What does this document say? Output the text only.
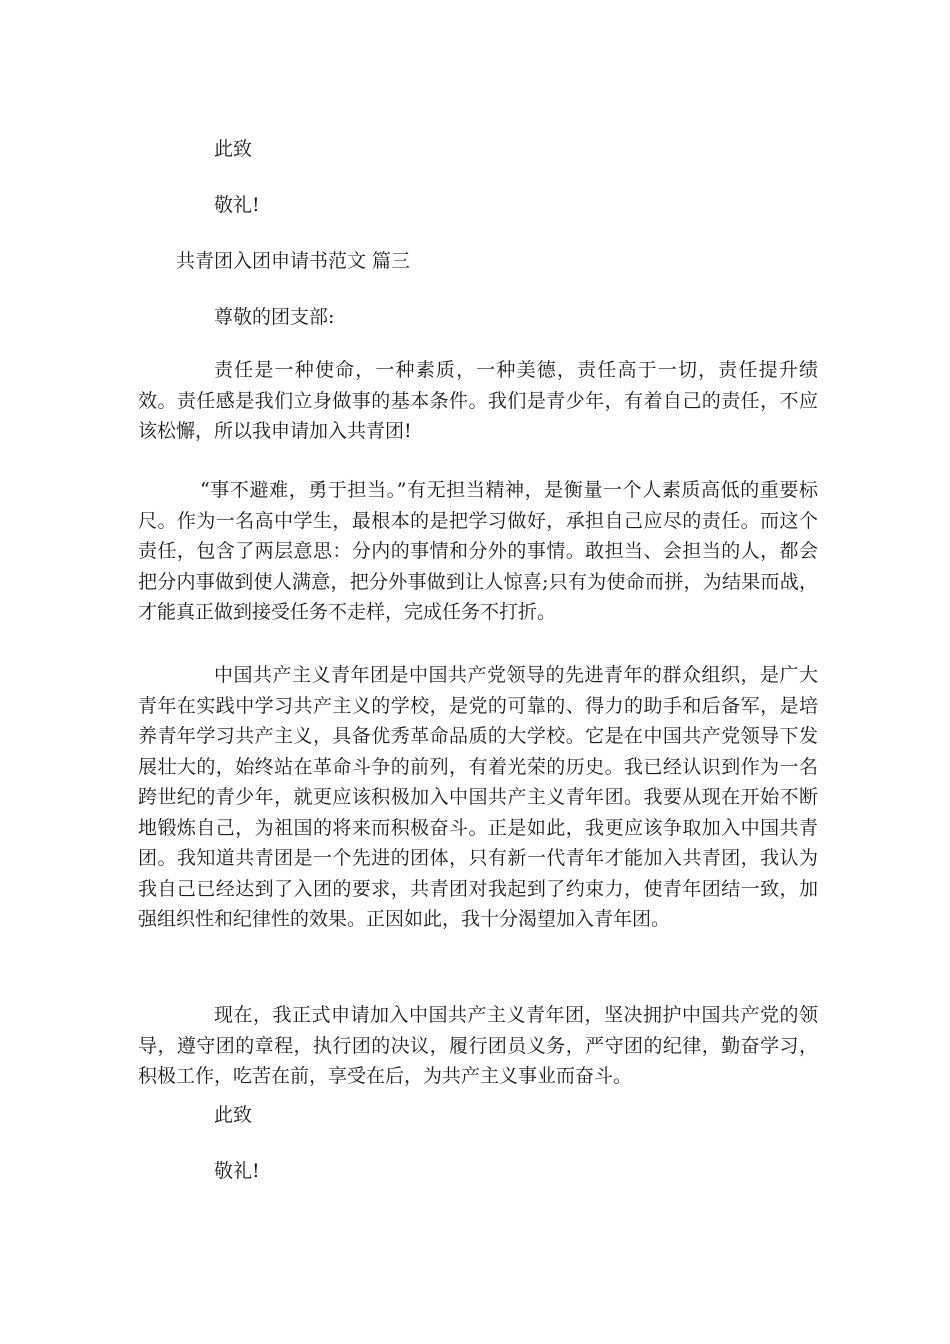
此致

敬礼!

共青团入团申请书范文 篇三

尊敬的团支部:

责任是一种使命，一种素质，一种美德，责任高于一切，责任提升绩效。责任感是我们立身做事的基本条件。我们是青少年，有着自己的责任，不应该松懈，所以我申请加入共青团!

“事不避难，勇于担当。”有无担当精神，是衡量一个人素质高低的重要标尺。作为一名高中学生，最根本的是把学习做好，承担自己应尽的责任。而这个责任，包含了两层意思：分内的事情和分外的事情。敢担当、会担当的人，都会把分内事做到使人满意，把分外事做到让人惊喜;只有为使命而拼，为结果而战，才能真正做到接受任务不走样，完成任务不打折。

中国共产主义青年团是中国共产党领导的先进青年的群众组织，是广大青年在实践中学习共产主义的学校，是党的可靠的、得力的助手和后备军，是培养青年学习共产主义，具备优秀革命品质的大学校。它是在中国共产党领导下发展壮大的，始终站在革命斗争的前列，有着光荣的历史。我已经认识到作为一名跨世纪的青少年，就更应该积极加入中国共产主义青年团。我要从现在开始不断地锻炼自己，为祖国的将来而积极奋斗。正是如此，我更应该争取加入中国共青团。我知道共青团是一个先进的团体，只有新一代青年才能加入共青团，我认为我自己已经达到了入团的要求，共青团对我起到了约束力，使青年团结一致，加强组织性和纪律性的效果。正因如此，我十分渴望加入青年团。

现在，我正式申请加入中国共产主义青年团，坚决拥护中国共产党的领导，遵守团的章程，执行团的决议，履行团员义务，严守团的纪律，勤奋学习，积极工作，吃苦在前，享受在后，为共产主义事业而奋斗。

此致

敬礼!
